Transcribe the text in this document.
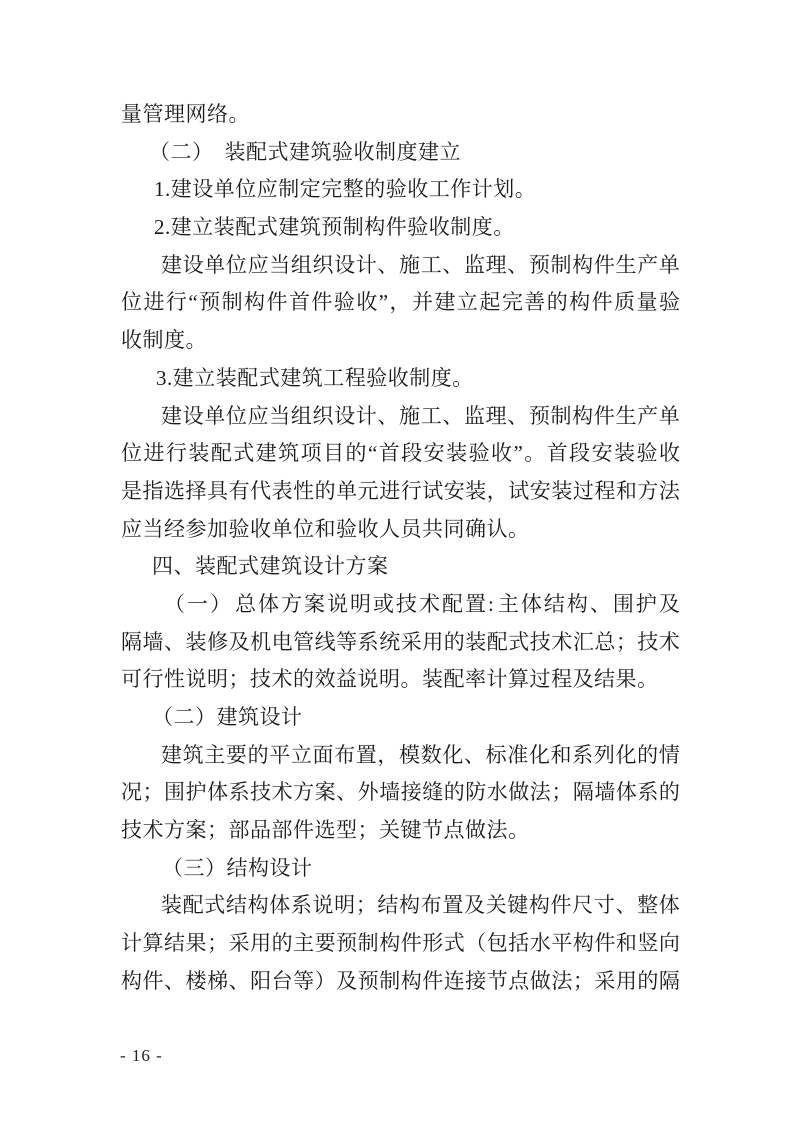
量管理网络。
（二）　装配式建筑验收制度建立
1.建设单位应制定完整的验收工作计划。
2.建立装配式建筑预制构件验收制度。
建 设 单 位 应 当 组 织 设 计 、 施 工 、 监 理 、 预 制 构 件 生 产 单
位 进 行 “ 预 制 构 件 首 件 验 收 ” ， 并 建 立 起 完 善 的 构 件 质 量 验
收制度。
3.建立装配式建筑工程验收制度。
建 设 单 位 应 当 组 织 设 计 、 施 工 、 监 理 、 预 制 构 件 生 产 单
位 进 行 装 配 式 建 筑 项 目 的 “ 首 段 安 装 验 收 ” 。 首 段 安 装 验 收
是 指 选 择 具 有 代 表 性 的 单 元 进 行 试 安 装 ， 试 安 装 过 程 和 方 法
应当经参加验收单位和验收人员共同确认。
四、装配式建筑设计方案
（ 一 ） 总 体 方 案 说 明 或 技 术 配 置 : 主 体 结 构 、 围 护 及
隔 墙 、 装 修 及 机 电 管 线 等 系 统 采 用 的 装 配 式 技 术 汇 总 ； 技 术
可行性说明；技术的效益说明。装配率计算过程及结果。
（二）建筑设计
建 筑 主 要 的 平 立 面 布 置 ， 模 数 化 、 标 准 化 和 系 列 化 的 情
况 ； 围 护 体 系 技 术 方 案 、 外 墙 接 缝 的 防 水 做 法 ； 隔 墙 体 系 的
技术方案；部品部件选型；关键节点做法。
（三）结构设计
装 配 式 结 构 体 系 说 明 ； 结 构 布 置 及 关 键 构 件 尺 寸 、 整 体
计 算 结 果 ； 采 用 的 主 要 预 制 构 件 形 式 （ 包 括 水 平 构 件 和 竖 向
构 件 、 楼 梯 、 阳 台 等 ） 及 预 制 构 件 连 接 节 点 做 法 ； 采 用 的 隔
- 16 -
